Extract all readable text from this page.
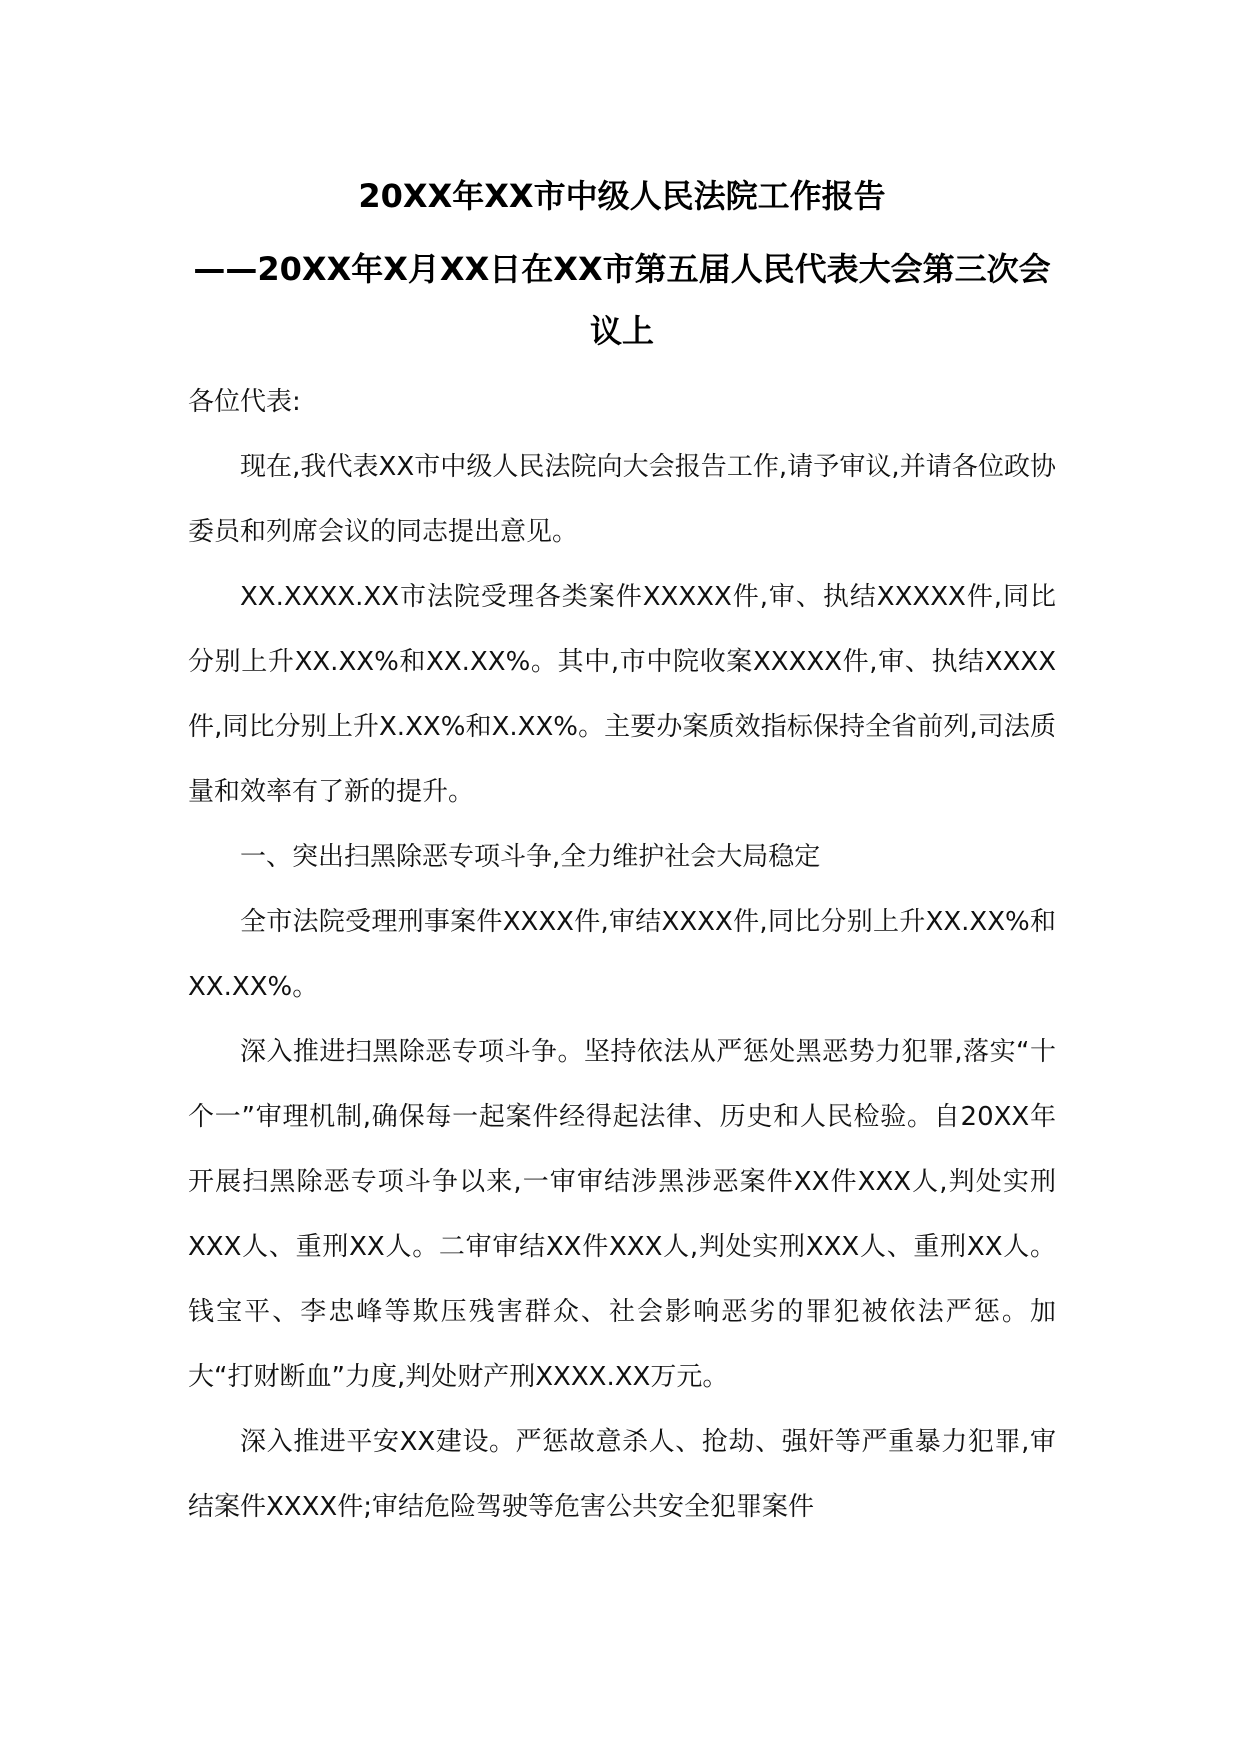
20XX年XX市中级人民法院工作报告
——20XX年X月XX日在XX市第五届人民代表大会第三次会议上

各位代表:

现在,我代表XX市中级人民法院向大会报告工作,请予审议,并请各位政协委员和列席会议的同志提出意见。

XX.XXXX.XX市法院受理各类案件XXXXX件,审、执结XXXXX件,同比分别上升XX.XX%和XX.XX%。其中,市中院收案XXXXX件,审、执结XXXX件,同比分别上升X.XX%和X.XX%。主要办案质效指标保持全省前列,司法质量和效率有了新的提升。

一、突出扫黑除恶专项斗争,全力维护社会大局稳定

全市法院受理刑事案件XXXX件,审结XXXX件,同比分别上升XX.XX%和XX.XX%。

深入推进扫黑除恶专项斗争。坚持依法从严惩处黑恶势力犯罪,落实“十个一”审理机制,确保每一起案件经得起法律、历史和人民检验。自20XX年开展扫黑除恶专项斗争以来,一审审结涉黑涉恶案件XX件XXX人,判处实刑XXX人、重刑XX人。二审审结XX件XXX人,判处实刑XXX人、重刑XX人。钱宝平、李忠峰等欺压残害群众、社会影响恶劣的罪犯被依法严惩。加大“打财断血”力度,判处财产刑XXXX.XX万元。

深入推进平安XX建设。严惩故意杀人、抢劫、强奸等严重暴力犯罪,审结案件XXXX件;审结危险驾驶等危害公共安全犯罪案件
